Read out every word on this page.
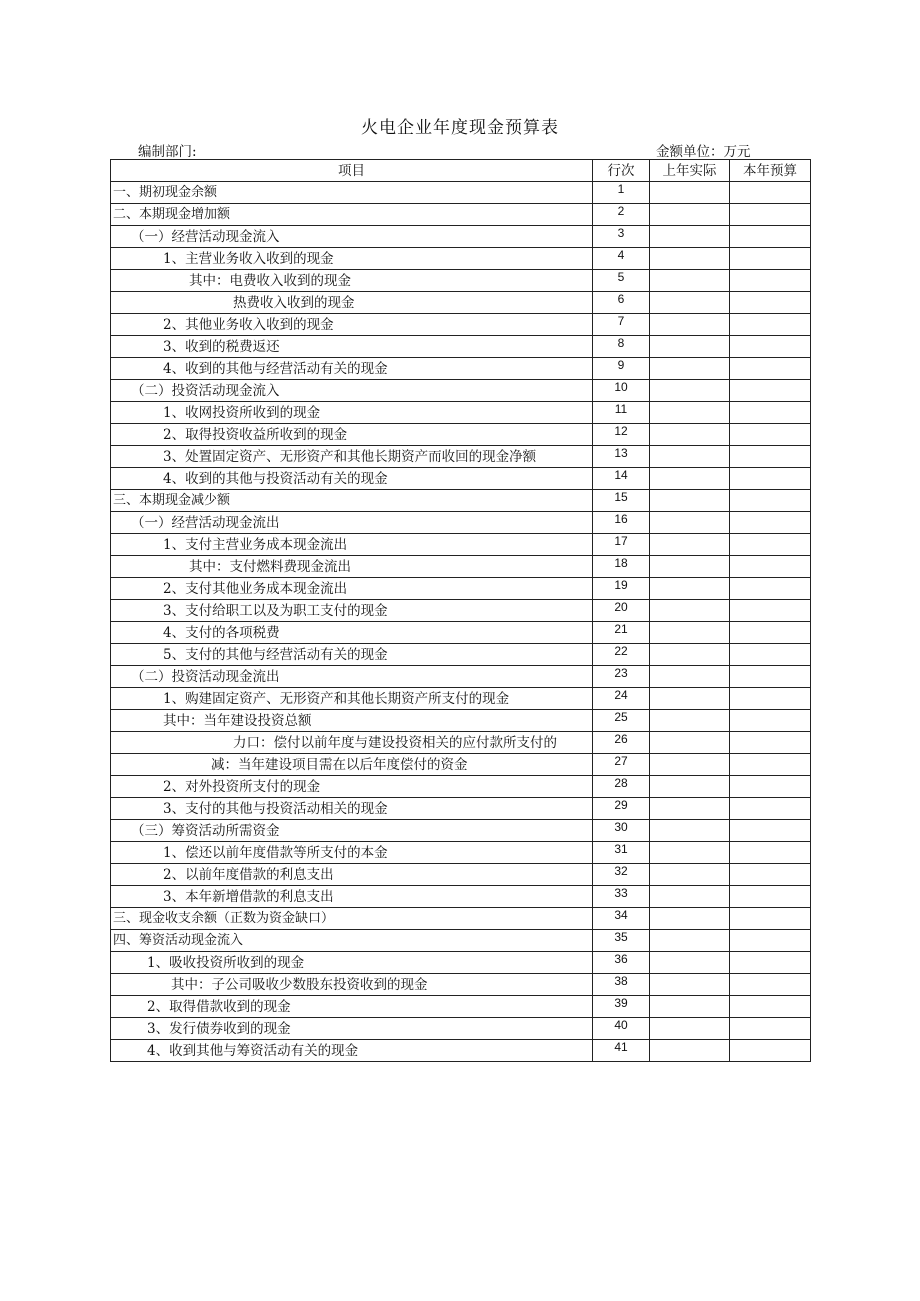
火电企业年度现金预算表
编制部门:	金额单位：万元
项目	行次	上年实际	本年预算
一、期初现金余额	1		
二、本期现金增加额	2		
（一）经营活动现金流入	3		
1、主营业务收入收到的现金	4		
其中：电费收入收到的现金	5		
热费收入收到的现金	6		
2、其他业务收入收到的现金	7		
3、收到的税费返还	8		
4、收到的其他与经营活动有关的现金	9		
（二）投资活动现金流入	10		
1、收网投资所收到的现金	11		
2、取得投资收益所收到的现金	12		
3、处置固定资产、无形资产和其他长期资产而收回的现金净额	13		
4、收到的其他与投资活动有关的现金	14		
三、本期现金减少额	15		
（一）经营活动现金流出	16		
1、支付主营业务成本现金流出	17		
其中：支付燃料费现金流出	18		
2、支付其他业务成本现金流出	19		
3、支付给职工以及为职工支付的现金	20		
4、支付的各项税费	21		
5、支付的其他与经营活动有关的现金	22		
（二）投资活动现金流出	23		
1、购建固定资产、无形资产和其他长期资产所支付的现金	24		
其中：当年建设投资总额	25		
力口：偿付以前年度与建设投资相关的应付款所支付的	26		
减：当年建设项目需在以后年度偿付的资金	27		
2、对外投资所支付的现金	28		
3、支付的其他与投资活动相关的现金	29		
（三）筹资活动所需资金	30		
1、偿还以前年度借款等所支付的本金	31		
2、以前年度借款的利息支出	32		
3、本年新增借款的利息支出	33		
三、现金收支余额（正数为资金缺口）	34		
四、筹资活动现金流入	35		
1、吸收投资所收到的现金	36		
其中：子公司吸收少数股东投资收到的现金	38		
2、取得借款收到的现金	39		
3、发行债券收到的现金	40		
4、收到其他与筹资活动有关的现金	41		
